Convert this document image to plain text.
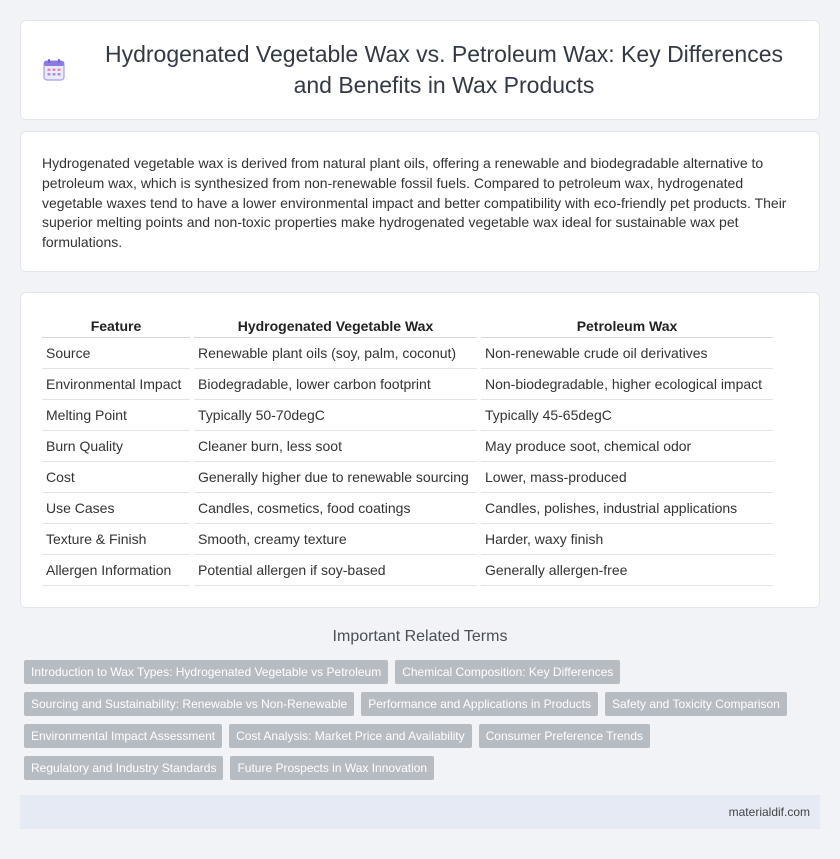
Hydrogenated Vegetable Wax vs. Petroleum Wax: Key Differences and Benefits in Wax Products

Hydrogenated vegetable wax is derived from natural plant oils, offering a renewable and biodegradable alternative to petroleum wax, which is synthesized from non-renewable fossil fuels. Compared to petroleum wax, hydrogenated vegetable waxes tend to have a lower environmental impact and better compatibility with eco-friendly pet products. Their superior melting points and non-toxic properties make hydrogenated vegetable wax ideal for sustainable wax pet formulations.

Feature	Hydrogenated Vegetable Wax	Petroleum Wax
Source	Renewable plant oils (soy, palm, coconut)	Non-renewable crude oil derivatives
Environmental Impact	Biodegradable, lower carbon footprint	Non-biodegradable, higher ecological impact
Melting Point	Typically 50-70degC	Typically 45-65degC
Burn Quality	Cleaner burn, less soot	May produce soot, chemical odor
Cost	Generally higher due to renewable sourcing	Lower, mass-produced
Use Cases	Candles, cosmetics, food coatings	Candles, polishes, industrial applications
Texture & Finish	Smooth, creamy texture	Harder, waxy finish
Allergen Information	Potential allergen if soy-based	Generally allergen-free
Important Related Terms
Introduction to Wax Types: Hydrogenated Vegetable vs Petroleum	Chemical Composition: Key Differences
Sourcing and Sustainability: Renewable vs Non-Renewable	Performance and Applications in Products	Safety and Toxicity Comparison
Environmental Impact Assessment	Cost Analysis: Market Price and Availability	Consumer Preference Trends
Regulatory and Industry Standards	Future Prospects in Wax Innovation
materialdif.com
